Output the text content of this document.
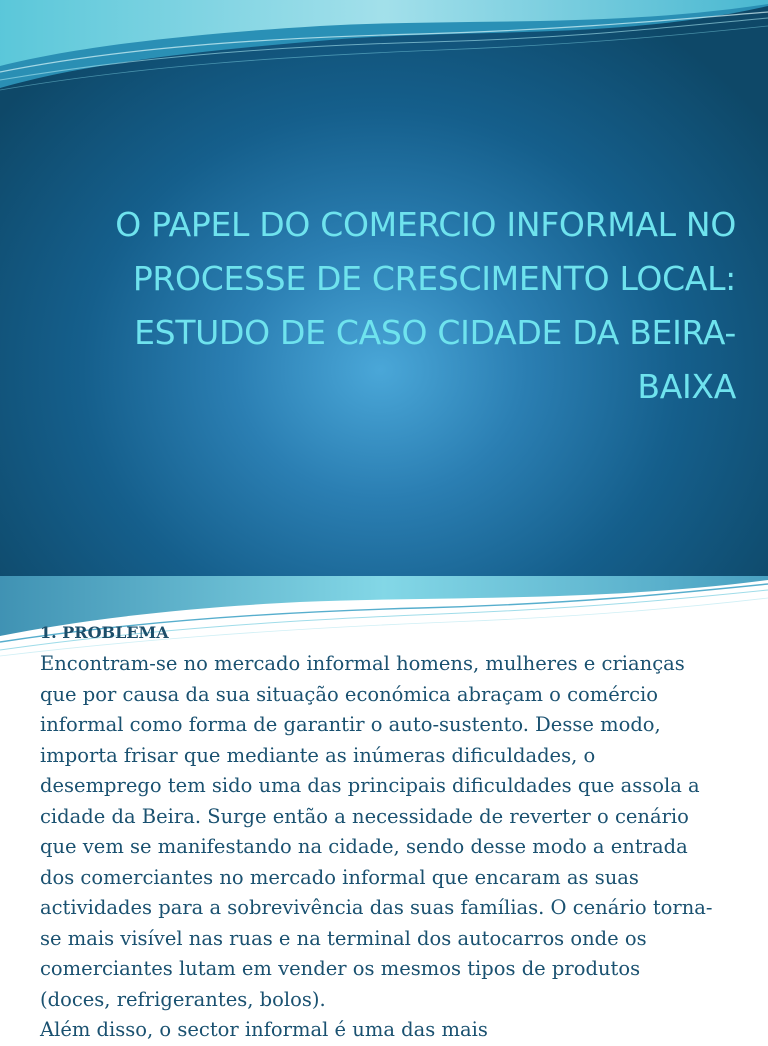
O PAPEL DO COMERCIO INFORMAL NO
PROCESSE DE CRESCIMENTO LOCAL:
ESTUDO DE CASO CIDADE DA BEIRA-
BAIXA
1. PROBLEMA

Encontram-se no mercado informal homens, mulheres e crianças
que por causa da sua situação económica abraçam o comércio
informal como forma de garantir o auto-sustento. Desse modo,
importa frisar que mediante as inúmeras dificuldades, o
desemprego tem sido uma das principais dificuldades que assola a
cidade da Beira. Surge então a necessidade de reverter o cenário
que vem se manifestando na cidade, sendo desse modo a entrada
dos comerciantes no mercado informal que encaram as suas
actividades para a sobrevivência das suas famílias. O cenário torna-
se mais visível nas ruas e na terminal dos autocarros onde os
comerciantes lutam em vender os mesmos tipos de produtos
(doces, refrigerantes, bolos).
Além disso, o sector informal é uma das mais
